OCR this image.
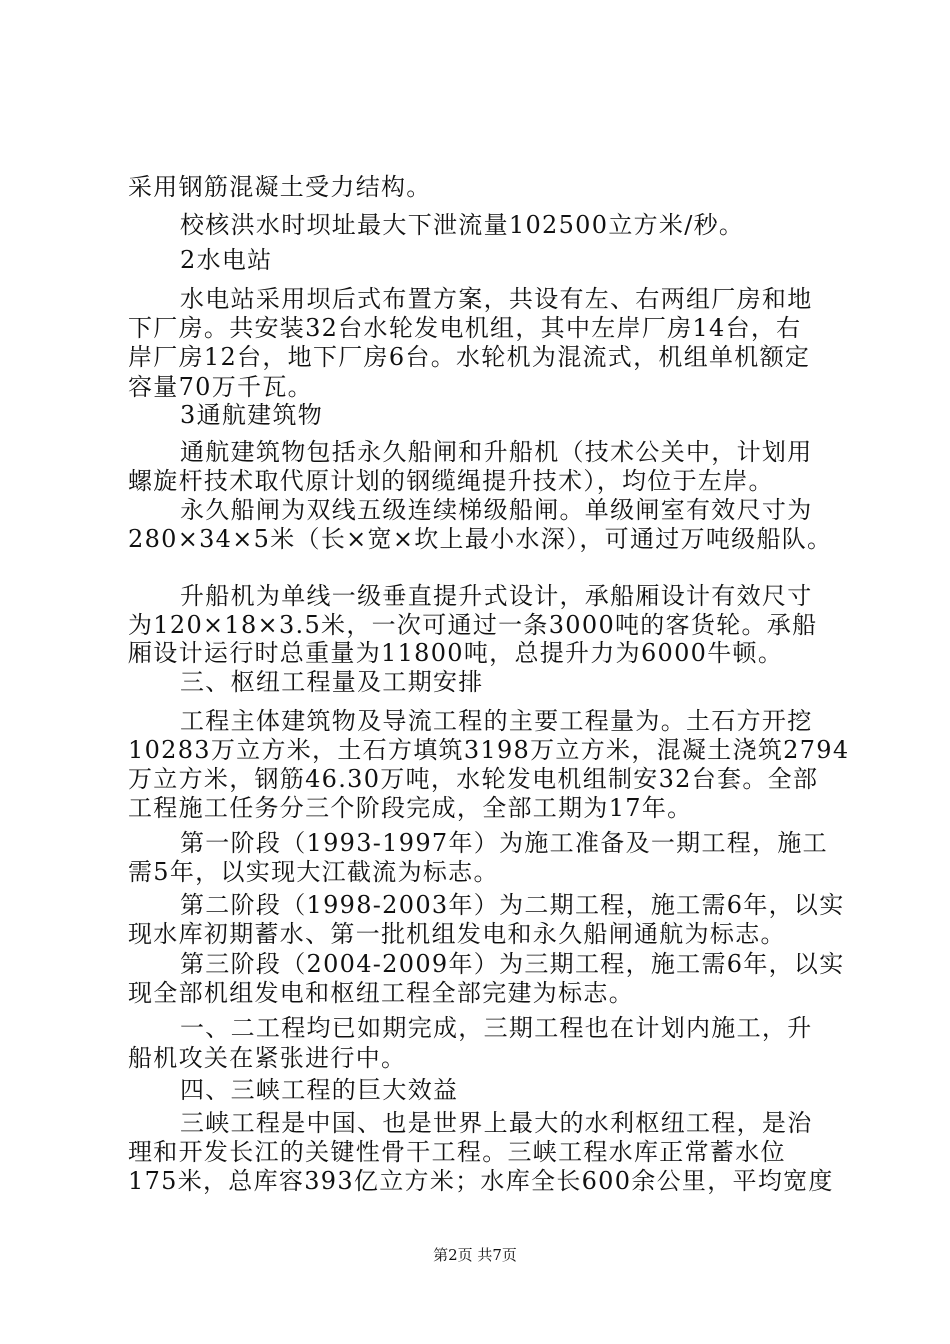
采用钢筋混凝土受力结构。
校核洪水时坝址最大下泄流量102500立方米/秒。
2水电站
水电站采用坝后式布置方案，共设有左、右两组厂房和地
下厂房。共安装32台水轮发电机组，其中左岸厂房14台，右
岸厂房12台，地下厂房6台。水轮机为混流式，机组单机额定
容量70万千瓦。
3通航建筑物
通航建筑物包括永久船闸和升船机（技术公关中，计划用
螺旋杆技术取代原计划的钢缆绳提升技术），均位于左岸。
永久船闸为双线五级连续梯级船闸。单级闸室有效尺寸为
280×34×5米（长×宽×坎上最小水深），可通过万吨级船队。
升船机为单线一级垂直提升式设计，承船厢设计有效尺寸
为120×18×3.5米，一次可通过一条3000吨的客货轮。承船
厢设计运行时总重量为11800吨，总提升力为6000牛顿。
三、枢纽工程量及工期安排
工程主体建筑物及导流工程的主要工程量为。土石方开挖
10283万立方米，土石方填筑3198万立方米，混凝土浇筑2794
万立方米，钢筋46.30万吨，水轮发电机组制安32台套。全部
工程施工任务分三个阶段完成，全部工期为17年。
第一阶段（1993-1997年）为施工准备及一期工程，施工
需5年，以实现大江截流为标志。
第二阶段（1998-2003年）为二期工程，施工需6年，以实
现水库初期蓄水、第一批机组发电和永久船闸通航为标志。
第三阶段（2004-2009年）为三期工程，施工需6年，以实
现全部机组发电和枢纽工程全部完建为标志。
一、二工程均已如期完成，三期工程也在计划内施工，升
船机攻关在紧张进行中。
四、三峡工程的巨大效益
三峡工程是中国、也是世界上最大的水利枢纽工程，是治
理和开发长江的关键性骨干工程。三峡工程水库正常蓄水位
175米，总库容393亿立方米；水库全长600余公里，平均宽度
第2页 共7页
